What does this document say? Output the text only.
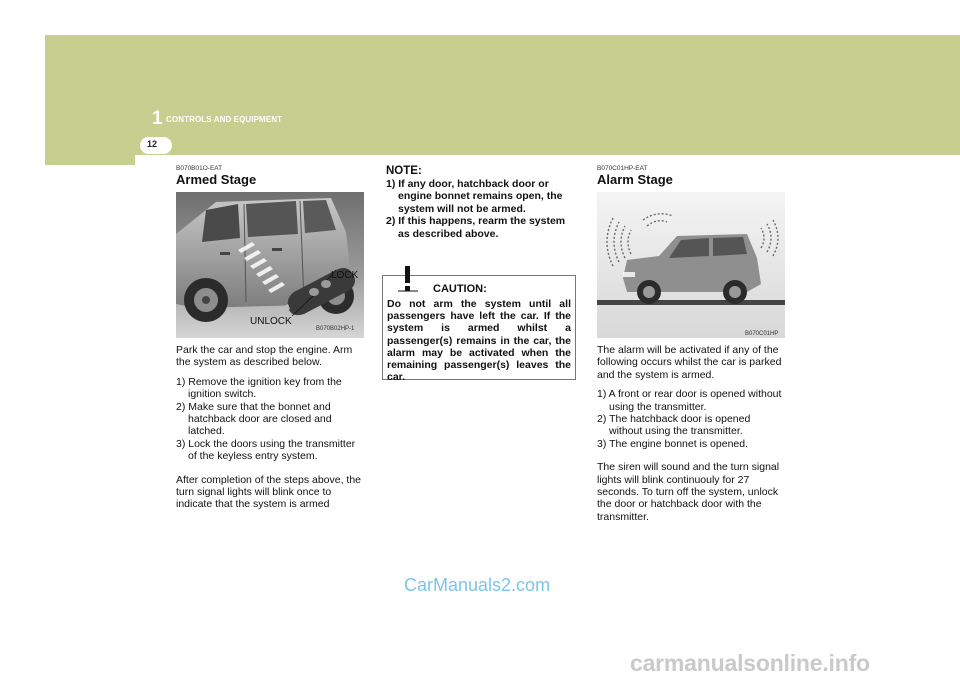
1 CONTROLS AND EQUIPMENT
12
B070B01O-EAT
Armed Stage
LOCK
UNLOCK
B070B02HP-1

Park the car and stop the engine. Arm the system as described below.

1) Remove the ignition key from the ignition switch.
2) Make sure that the bonnet and hatchback door are closed and latched.
3) Lock the doors using the transmitter of the keyless entry system.

After completion of the steps above, the turn signal lights will blink once to indicate that the system is armed

NOTE:
1) If any door, hatchback door or engine bonnet remains open, the system will not be armed.
2) If this happens, rearm the system as described above.
CAUTION:
Do not arm the system until all passengers have left the car. If the system is armed whilst a passenger(s) remains in the car, the alarm may be activated when the remaining passenger(s) leaves the car.
B070C01HP-EAT
Alarm Stage
B070C01HP

The alarm will be activated if any of the following occurs whilst the car is parked and the system is armed.

1) A front or rear door is opened without using the transmitter.
2) The hatchback door is opened without using the transmitter.
3) The engine bonnet is opened.

The siren will sound and the turn signal lights will blink continuouly for 27 seconds. To turn off the system, unlock the door or hatchback door with the transmitter.

CarManuals2.com
carmanualsonline.info
